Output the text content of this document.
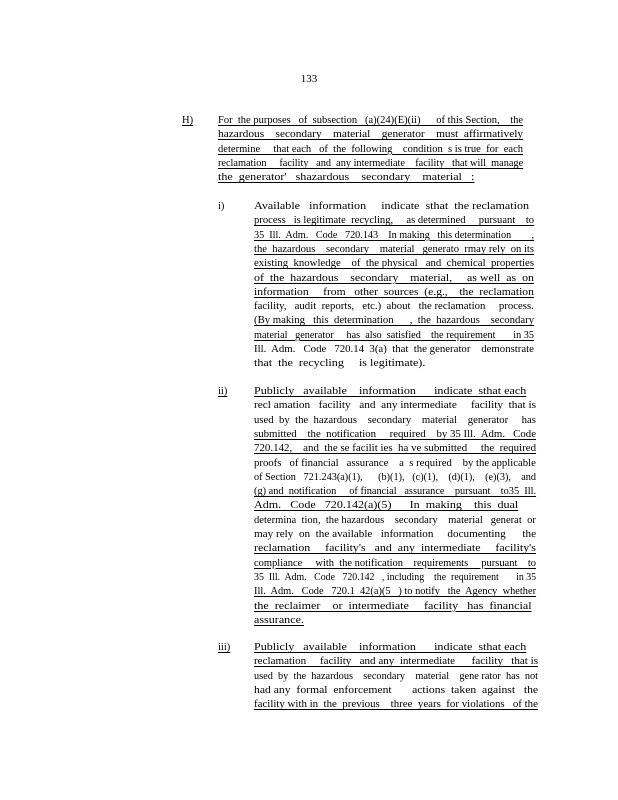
133
H) For  the purposes   of  subsection   (a)(24)(E)(ii)      of this Section,    the
hazardous    secondary    material    generator    must  affirmatively
determine     that each   of  the  following    condition  s is true  for  each
reclamation     facility   and  any intermediate    facility   that will  manage
the  generator'   shazardous    secondary    material   :
i)	Available   information     indicate  sthat  the reclamation
process   is legitimate  recycling,     as determined     pursuant    to
35  Ill.  Adm.   Code   720.143    In making   this determination        ,
the  hazardous    secondary    material   generato  rmay rely  on its
existing  knowledge    of  the physical   and  chemical  properties
of  the  hazardous    secondary    material,     as well  as  on
information     from   other  sources  (e.g.,    the  reclamation
facility,   audit  reports,   etc.)  about   the reclamation     process.
(By making   this  determination      ,  the  hazardous    secondary
material   generator     has  also  satisfied    the requirement       in 35
Ill.  Adm.   Code   720.14  3(a)  that  the generator    demonstrate
that  the  recycling     is legitimate).
ii)	Publicly   available    information      indicate  sthat each
recl amation   facility   and  any intermediate     facility  that is
used  by  the  hazardous    secondary    material    generator     has
submitted    the  notification     required    by 35 Ill.  Adm.   Code
720.142,    and  the se facilit ies  ha ve submitted     the  required
proofs   of financial   assurance    a  s required    by the applicable
of Section   721.243(a)(1),      (b)(1),   (c)(1),    (d)(1),    (e)(3),    and
(g) and  notification     of financial   assurance    pursuant    to35  Ill.
Adm.   Code   720.142(a)(5)      In  making    this  dual
determina  tion,  the hazardous    secondary    material   generat  or
may rely  on  the available   information     documenting      the
reclamation     facility's   and  any  intermediate     facility's
compliance     with  the notification    requirements     pursuant    to
35  Ill.  Adm.   Code   720.142   , including    the  requirement       in 35
Ill.  Adm.   Code   720.1  42(a)(5   ) to notify   the  Agency  whether
the  reclaimer    or  intermediate     facility   has  financial
assurance.
iii) Publicly   available    information      indicate  sthat each
reclamation     facility   and any  intermediate      facility   that is
used  by  the  hazardous    secondary    material    gene rator  has  not
had any  formal  enforcement       actions  taken  against   the
facility with in  the  previous    three  years  for violations   of the
